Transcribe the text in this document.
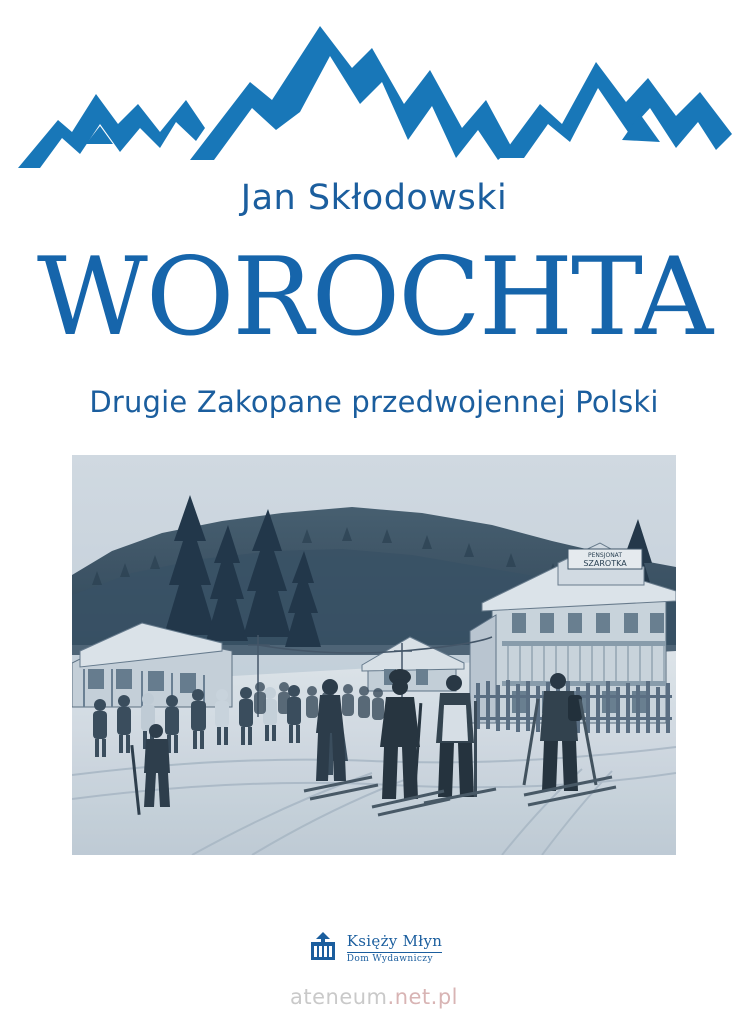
Jan Skłodowski
WOROCHTA
Drugie Zakopane przedwojennej Polski
PENSJONAT
SZAROTKA
Księży Młyn
Dom Wydawniczy
ateneum.net.pl
